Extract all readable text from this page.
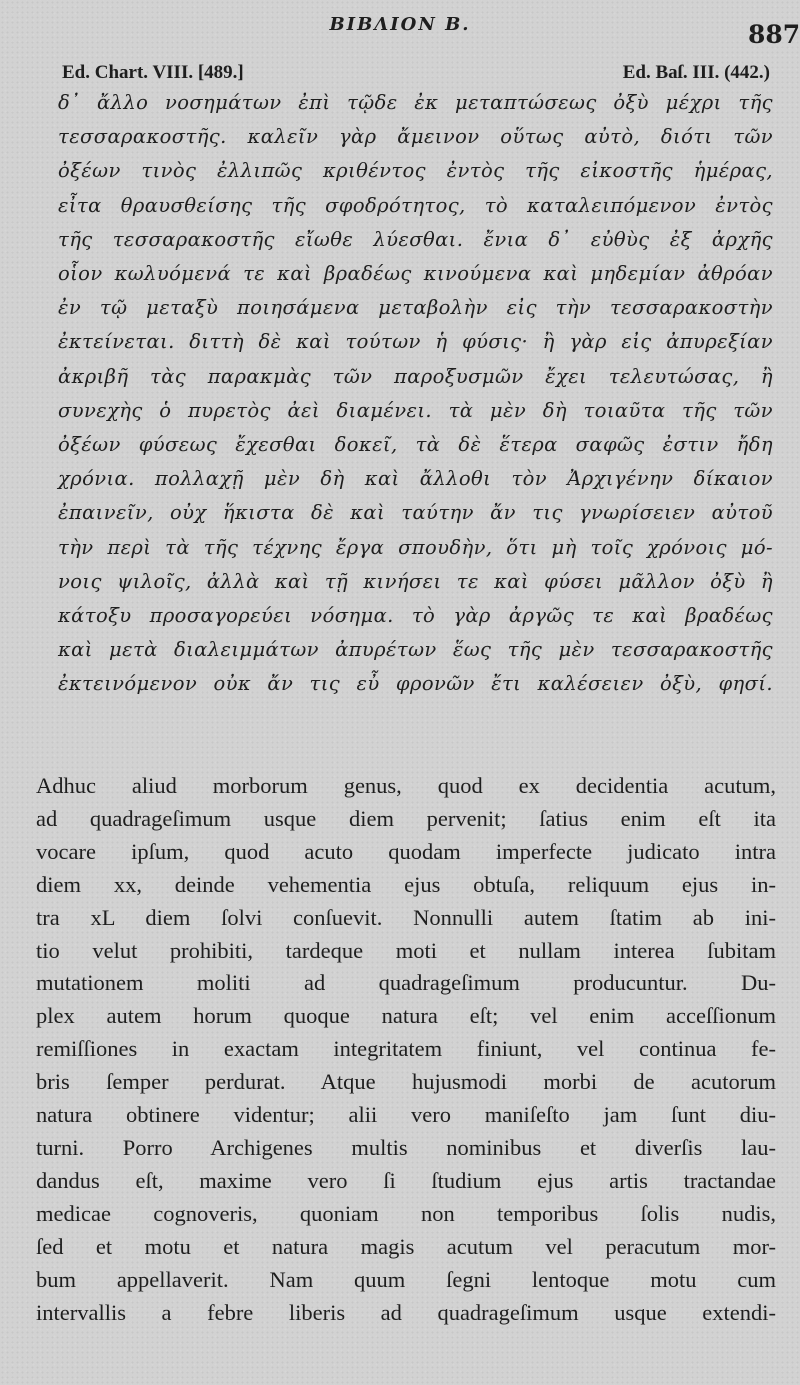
BIBΛION B.	887
Ed. Chart. VIII. [489.]	Ed. Baſ. III. (442.)
δ᾽ ἄλλο νοσημάτων ἐπὶ τῷδε ἐκ μεταπτώσεως ὀξὺ μέχρι τῆς
τεσσαρακοστῆς. καλεῖν γὰρ ἄμεινον οὕτως αὐτὸ, διότι τῶν
ὀξέων τινὸς ἐλλιπῶς κριθέντος ἐντὸς τῆς εἰκοστῆς ἡμέρας,
εἶτα θραυσθείσης τῆς σφοδρότητος, τὸ καταλειπόμενον ἐντὸς
τῆς τεσσαρακοστῆς εἴωθε λύεσθαι. ἔνια δ᾽ εὐθὺς ἐξ ἀρχῆς
οἷον κωλυόμενά τε καὶ βραδέως κινούμενα καὶ μηδεμίαν ἀθρόαν
ἐν τῷ μεταξὺ ποιησάμενα μεταβολὴν εἰς τὴν τεσσαρακοστὴν
ἐκτείνεται. διττὴ δὲ καὶ τούτων ἡ φύσις· ἢ γὰρ εἰς ἀπυρεξίαν
ἀκριβῆ τὰς παρακμὰς τῶν παροξυσμῶν ἔχει τελευτώσας, ἢ
συνεχὴς ὁ πυρετὸς ἀεὶ διαμένει. τὰ μὲν δὴ τοιαῦτα τῆς τῶν
ὀξέων φύσεως ἔχεσθαι δοκεῖ, τὰ δὲ ἕτερα σαφῶς ἐστιν ἤδη
χρόνια. πολλαχῇ μὲν δὴ καὶ ἄλλοθι τὸν Ἀρχιγένην δίκαιον
ἐπαινεῖν, οὐχ ἥκιστα δὲ καὶ ταύτην ἄν τις γνωρίσειεν αὐτοῦ
τὴν περὶ τὰ τῆς τέχνης ἔργα σπουδὴν, ὅτι μὴ τοῖς χρόνοις μό-
νοις ψιλοῖς, ἀλλὰ καὶ τῇ κινήσει τε καὶ φύσει μᾶλλον ὀξὺ ἢ
κάτοξυ προσαγορεύει νόσημα. τὸ γὰρ ἀργῶς τε καὶ βραδέως
καὶ μετὰ διαλειμμάτων ἀπυρέτων ἕως τῆς μὲν τεσσαρακοστῆς
ἐκτεινόμενον οὐκ ἄν τις εὖ φρονῶν ἔτι καλέσειεν ὀξὺ, φησί.
Adhuc aliud morborum genus, quod ex decidentia acutum,
ad quadrageſimum usque diem pervenit; ſatius enim eſt ita
vocare ipſum, quod acuto quodam imperfecte judicato intra
diem xx, deinde vehementia ejus obtuſa, reliquum ejus in-
tra xL diem ſolvi conſuevit. Nonnulli autem ſtatim ab ini-
tio velut prohibiti, tardeque moti et nullam interea ſubitam
mutationem moliti ad quadrageſimum producuntur. Du-
plex autem horum quoque natura eſt; vel enim acceſſionum
remiſſiones in exactam integritatem finiunt, vel continua fe-
bris ſemper perdurat. Atque hujusmodi morbi de acutorum
natura obtinere videntur; alii vero maniſeſto jam ſunt diu-
turni. Porro Archigenes multis nominibus et diverſis lau-
dandus eſt, maxime vero ſi ſtudium ejus artis tractandae
medicae cognoveris, quoniam non temporibus ſolis nudis,
ſed et motu et natura magis acutum vel peracutum mor-
bum appellaverit. Nam quum ſegni lentoque motu cum
intervallis a febre liberis ad quadrageſimum usque extendi-
